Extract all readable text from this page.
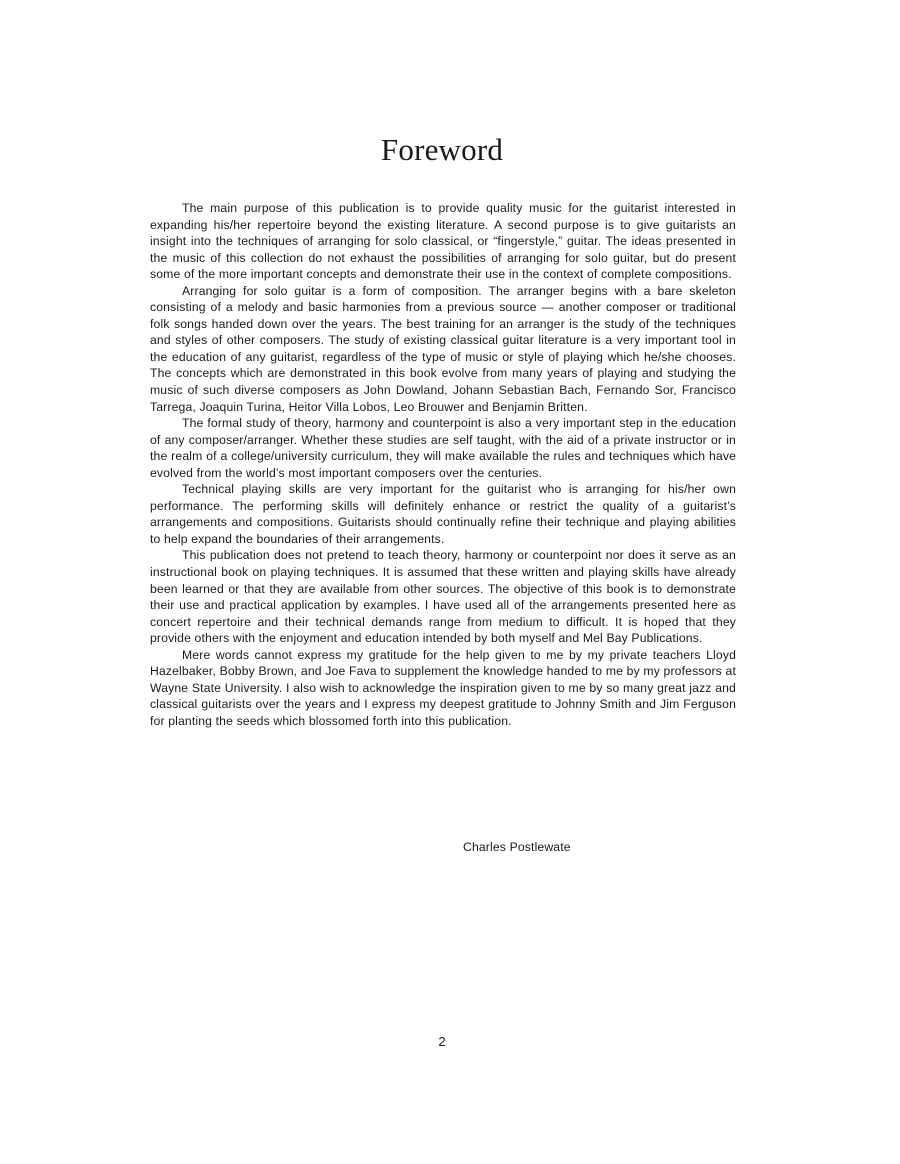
Foreword

The main purpose of this publication is to provide quality music for the guitarist interested in expanding his/her repertoire beyond the existing literature. A second purpose is to give guitarists an insight into the techniques of arranging for solo classical, or “fingerstyle,” guitar. The ideas presented in the music of this collection do not exhaust the possibilities of arranging for solo guitar, but do present some of the more important concepts and demonstrate their use in the context of complete compositions.

Arranging for solo guitar is a form of composition. The arranger begins with a bare skeleton consisting of a melody and basic harmonies from a previous source — another composer or traditional folk songs handed down over the years. The best training for an arranger is the study of the techniques and styles of other composers. The study of existing classical guitar literature is a very important tool in the education of any guitarist, regardless of the type of music or style of playing which he/she chooses. The concepts which are demonstrated in this book evolve from many years of playing and studying the music of such diverse composers as John Dowland, Johann Sebastian Bach, Fernando Sor, Francisco Tarrega, Joaquin Turina, Heitor Villa Lobos, Leo Brouwer and Benjamin Britten.

The formal study of theory, harmony and counterpoint is also a very important step in the education of any composer/arranger. Whether these studies are self taught, with the aid of a private instructor or in the realm of a college/university curriculum, they will make available the rules and techniques which have evolved from the world’s most important composers over the centuries.

Technical playing skills are very important for the guitarist who is arranging for his/her own performance. The performing skills will definitely enhance or restrict the quality of a guitarist’s arrangements and compositions. Guitarists should continually refine their technique and playing abilities to help expand the boundaries of their arrangements.

This publication does not pretend to teach theory, harmony or counterpoint nor does it serve as an instructional book on playing techniques. It is assumed that these written and playing skills have already been learned or that they are available from other sources. The objective of this book is to demonstrate their use and practical application by examples. I have used all of the arrangements presented here as concert repertoire and their technical demands range from medium to difficult. It is hoped that they provide others with the enjoyment and education intended by both myself and Mel Bay Publications.

Mere words cannot express my gratitude for the help given to me by my private teachers Lloyd Hazelbaker, Bobby Brown, and Joe Fava to supplement the knowledge handed to me by my professors at Wayne State University. I also wish to acknowledge the inspiration given to me by so many great jazz and classical guitarists over the years and I express my deepest gratitude to Johnny Smith and Jim Ferguson for planting the seeds which blossomed forth into this publication.

Charles Postlewate
2
